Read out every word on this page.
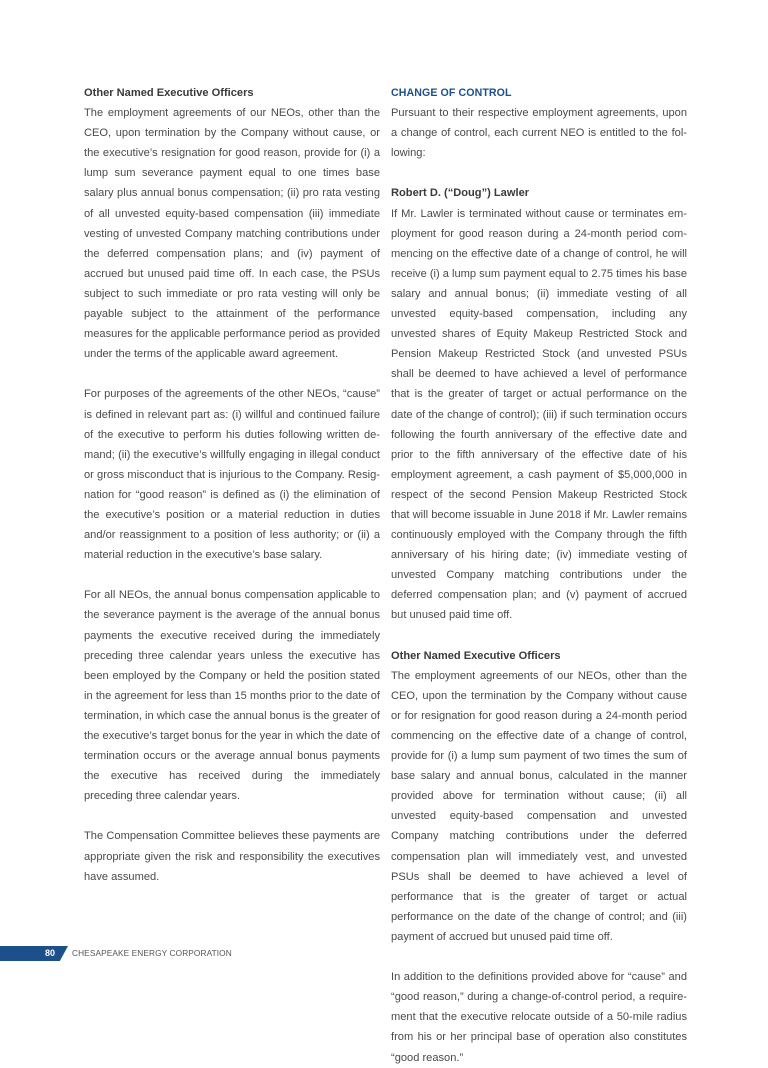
Other Named Executive Officers

The employment agreements of our NEOs, other than the CEO, upon termination by the Company without cause, or the executive’s resignation for good reason, provide for (i) a lump sum severance payment equal to one times base salary plus annual bonus compensation; (ii) pro rata vesting of all unvested equity-based compensation (iii) immediate vesting of unvested Company matching contributions under the deferred compensation plans; and (iv) payment of accrued but unused paid time off. In each case, the PSUs subject to such immediate or pro rata vesting will only be payable subject to the attainment of the performance measures for the applicable performance period as provided under the terms of the applicable award agreement.

For purposes of the agreements of the other NEOs, “cause” is defined in relevant part as: (i) willful and continued failure of the executive to perform his duties following written demand; (ii) the executive’s willfully engaging in illegal conduct or gross misconduct that is injurious to the Company. Resignation for “good reason” is defined as (i) the elimination of the executive’s position or a material reduction in duties and/or reassignment to a position of less authority; or (ii) a material reduction in the executive’s base salary.

For all NEOs, the annual bonus compensation applicable to the severance payment is the average of the annual bonus payments the executive received during the immediately preceding three calendar years unless the executive has been employed by the Company or held the position stated in the agreement for less than 15 months prior to the date of termination, in which case the annual bonus is the greater of the executive’s target bonus for the year in which the date of termination occurs or the average annual bonus payments the executive has received during the immediately preceding three calendar years.

The Compensation Committee believes these payments are appropriate given the risk and responsibility the executives have assumed.

CHANGE OF CONTROL

Pursuant to their respective employment agreements, upon a change of control, each current NEO is entitled to the following:

Robert D. (“Doug”) Lawler

If Mr. Lawler is terminated without cause or terminates employment for good reason during a 24-month period commencing on the effective date of a change of control, he will receive (i) a lump sum payment equal to 2.75 times his base salary and annual bonus; (ii) immediate vesting of all unvested equity-based compensation, including any unvested shares of Equity Makeup Restricted Stock and Pension Makeup Restricted Stock (and unvested PSUs shall be deemed to have achieved a level of performance that is the greater of target or actual performance on the date of the change of control); (iii) if such termination occurs following the fourth anniversary of the effective date and prior to the fifth anniversary of the effective date of his employment agreement, a cash payment of $5,000,000 in respect of the second Pension Makeup Restricted Stock that will become issuable in June 2018 if Mr. Lawler remains continuously employed with the Company through the fifth anniversary of his hiring date; (iv) immediate vesting of unvested Company matching contributions under the deferred compensation plan; and (v) payment of accrued but unused paid time off.

Other Named Executive Officers

The employment agreements of our NEOs, other than the CEO, upon the termination by the Company without cause or for resignation for good reason during a 24-month period commencing on the effective date of a change of control, provide for (i) a lump sum payment of two times the sum of base salary and annual bonus, calculated in the manner provided above for termination without cause; (ii) all unvested equity-based compensation and unvested Company matching contributions under the deferred compensation plan will immediately vest, and unvested PSUs shall be deemed to have achieved a level of performance that is the greater of target or actual performance on the date of the change of control; and (iii) payment of accrued but unused paid time off.

In addition to the definitions provided above for “cause” and “good reason,” during a change-of-control period, a requirement that the executive relocate outside of a 50-mile radius from his or her principal base of operation also constitutes “good reason.”

80 CHESAPEAKE ENERGY CORPORATION
